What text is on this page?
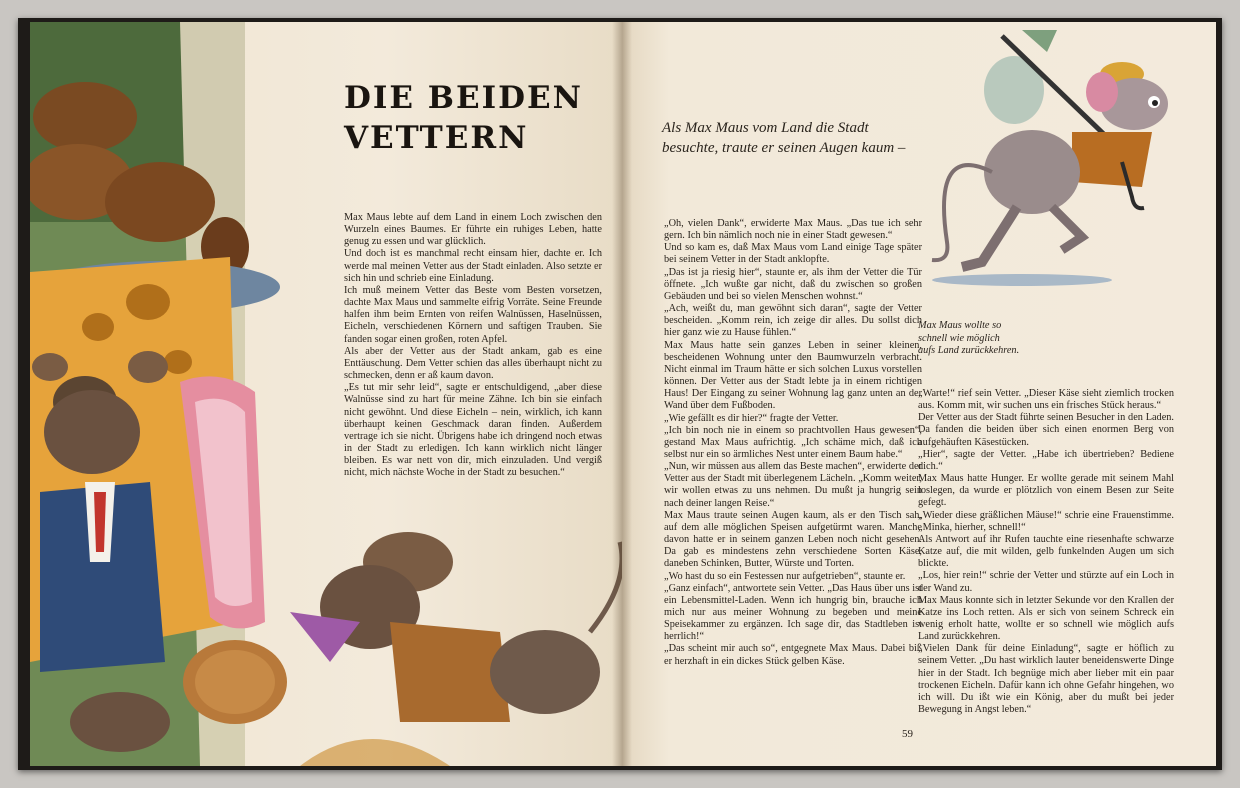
DIE BEIDEN
VETTERN

Max Maus lebte auf dem Land in einem Loch zwischen den Wurzeln eines Baumes. Er führte ein ruhiges Leben, hatte genug zu essen und war glücklich.

Und doch ist es manchmal recht einsam hier, dachte er. Ich werde mal meinen Vetter aus der Stadt einladen. Also setzte er sich hin und schrieb eine Einladung.

Ich muß meinem Vetter das Beste vom Besten vorsetzen, dachte Max Maus und sammelte eifrig Vorräte. Seine Freunde halfen ihm beim Ernten von reifen Walnüssen, Haselnüssen, Eicheln, verschiedenen Körnern und saftigen Trauben. Sie fanden sogar einen großen, roten Apfel.

Als aber der Vetter aus der Stadt ankam, gab es eine Enttäuschung. Dem Vetter schien das alles überhaupt nicht zu schmecken, denn er aß kaum davon.

„Es tut mir sehr leid“, sagte er entschuldigend, „aber diese Walnüsse sind zu hart für meine Zähne. Ich bin sie einfach nicht gewöhnt. Und diese Eicheln – nein, wirklich, ich kann überhaupt keinen Geschmack daran finden. Außerdem vertrage ich sie nicht. Übrigens habe ich dringend noch etwas in der Stadt zu erledigen. Ich kann wirklich nicht länger bleiben. Es war nett von dir, mich einzuladen. Und vergiß nicht, mich nächste Woche in der Stadt zu besuchen.“

Als Max Maus vom Land die Stadt besuchte, traute er seinen Augen kaum –

Max Maus wollte so
schnell wie möglich
aufs Land zurückkehren.

„Oh, vielen Dank“, erwiderte Max Maus. „Das tue ich sehr gern. Ich bin nämlich noch nie in einer Stadt gewesen.“

Und so kam es, daß Max Maus vom Land einige Tage später bei seinem Vetter in der Stadt anklopfte.

„Das ist ja riesig hier“, staunte er, als ihm der Vetter die Tür öffnete. „Ich wußte gar nicht, daß du zwischen so großen Gebäuden und bei so vielen Menschen wohnst.“

„Ach, weißt du, man gewöhnt sich daran“, sagte der Vetter bescheiden. „Komm rein, ich zeige dir alles. Du sollst dich hier ganz wie zu Hause fühlen.“

Max Maus hatte sein ganzes Leben in seiner kleinen, bescheidenen Wohnung unter den Baumwurzeln verbracht. Nicht einmal im Traum hätte er sich solchen Luxus vorstellen können. Der Vetter aus der Stadt lebte ja in einem richtigen Haus! Der Eingang zu seiner Wohnung lag ganz unten an der Wand über dem Fußboden.

„Wie gefällt es dir hier?“ fragte der Vetter.

„Ich bin noch nie in einem so prachtvollen Haus gewesen“, gestand Max Maus aufrichtig. „Ich schäme mich, daß ich selbst nur ein so ärmliches Nest unter einem Baum habe.“

„Nun, wir müssen aus allem das Beste machen“, erwiderte der Vetter aus der Stadt mit überlegenem Lächeln. „Komm weiter, wir wollen etwas zu uns nehmen. Du mußt ja hungrig sein nach deiner langen Reise.“

Max Maus traute seinen Augen kaum, als er den Tisch sah, auf dem alle möglichen Speisen aufgetürmt waren. Manche davon hatte er in seinem ganzen Leben noch nicht gesehen. Da gab es mindestens zehn verschiedene Sorten Käse, daneben Schinken, Butter, Würste und Torten.

„Wo hast du so ein Festessen nur aufgetrieben“, staunte er.

„Ganz einfach“, antwortete sein Vetter. „Das Haus über uns ist ein Lebensmittel-Laden. Wenn ich hungrig bin, brauche ich mich nur aus meiner Wohnung zu begeben und meine Speisekammer zu ergänzen. Ich sage dir, das Stadtleben ist herrlich!“

„Das scheint mir auch so“, entgegnete Max Maus. Dabei biß er herzhaft in ein dickes Stück gelben Käse.

„Warte!“ rief sein Vetter. „Dieser Käse sieht ziemlich trocken aus. Komm mit, wir suchen uns ein frisches Stück heraus.“

Der Vetter aus der Stadt führte seinen Besucher in den Laden. Da fanden die beiden über sich einen enormen Berg von aufgehäuften Käsestücken.

„Hier“, sagte der Vetter. „Habe ich übertrieben? Bediene dich.“

Max Maus hatte Hunger. Er wollte gerade mit seinem Mahl loslegen, da wurde er plötzlich von einem Besen zur Seite gefegt.

„Wieder diese gräßlichen Mäuse!“ schrie eine Frauenstimme. „Minka, hierher, schnell!“

Als Antwort auf ihr Rufen tauchte eine riesenhafte schwarze Katze auf, die mit wilden, gelb funkelnden Augen um sich blickte.

„Los, hier rein!“ schrie der Vetter und stürzte auf ein Loch in der Wand zu.

Max Maus konnte sich in letzter Sekunde vor den Krallen der Katze ins Loch retten. Als er sich von seinem Schreck ein wenig erholt hatte, wollte er so schnell wie möglich aufs Land zurückkehren.

„Vielen Dank für deine Einladung“, sagte er höflich zu seinem Vetter. „Du hast wirklich lauter beneidenswerte Dinge hier in der Stadt. Ich begnüge mich aber lieber mit ein paar trockenen Eicheln. Dafür kann ich ohne Gefahr hingehen, wo ich will. Du ißt wie ein König, aber du mußt bei jeder Bewegung in Angst leben.“

59
